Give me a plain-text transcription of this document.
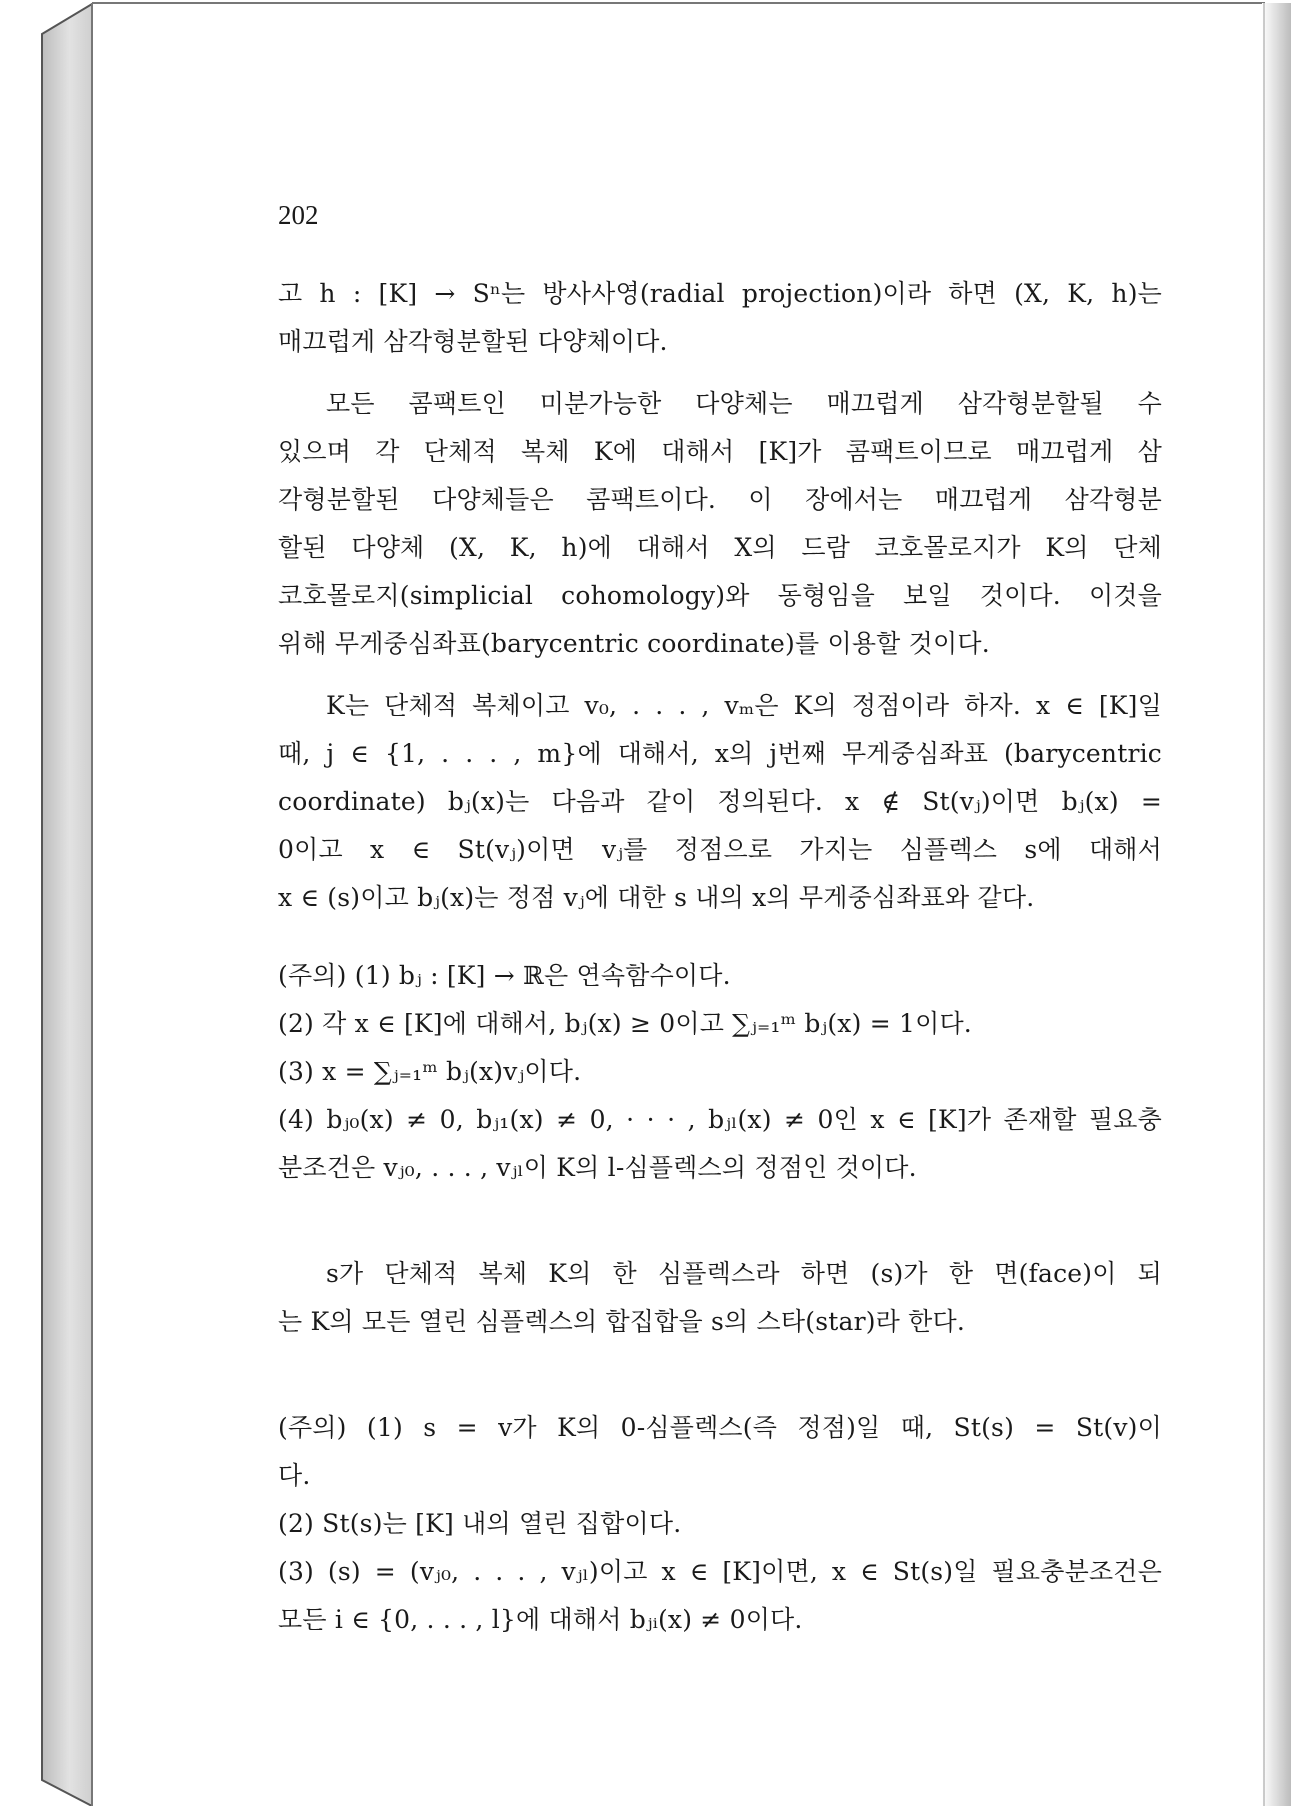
202
고 h : [K] → Sⁿ는 방사사영(radial projection)이라 하면 (X, K, h)는
매끄럽게 삼각형분할된 다양체이다.
모든 콤팩트인 미분가능한 다양체는 매끄럽게 삼각형분할될 수
있으며 각 단체적 복체 K에 대해서 [K]가 콤팩트이므로 매끄럽게 삼
각형분할된 다양체들은 콤팩트이다. 이 장에서는 매끄럽게 삼각형분
할된 다양체 (X, K, h)에 대해서 X의 드람 코호몰로지가 K의 단체
코호몰로지(simplicial cohomology)와 동형임을 보일 것이다. 이것을
위해 무게중심좌표(barycentric coordinate)를 이용할 것이다.
K는 단체적 복체이고 v₀, . . . , vₘ은 K의 정점이라 하자. x ∈ [K]일
때, j ∈ {1, . . . , m}에 대해서, x의 j번째 무게중심좌표 (barycentric
coordinate) bⱼ(x)는 다음과 같이 정의된다. x ∉ St(vⱼ)이면 bⱼ(x) =
0이고 x ∈ St(vⱼ)이면 vⱼ를 정점으로 가지는 심플렉스 s에 대해서
x ∈ (s)이고 bⱼ(x)는 정점 vⱼ에 대한 s 내의 x의 무게중심좌표와 같다.
(주의) (1) bⱼ : [K] → ℝ은 연속함수이다.
(2) 각 x ∈ [K]에 대해서, bⱼ(x) ≥ 0이고 ∑ⱼ₌₁ᵐ bⱼ(x) = 1이다.
(3) x = ∑ⱼ₌₁ᵐ bⱼ(x)vⱼ이다.
(4) bⱼ₀(x) ≠ 0, bⱼ₁(x) ≠ 0, · · · , bⱼₗ(x) ≠ 0인 x ∈ [K]가 존재할 필요충
분조건은 vⱼ₀, . . . , vⱼₗ이 K의 l-심플렉스의 정점인 것이다.
s가 단체적 복체 K의 한 심플렉스라 하면 (s)가 한 면(face)이 되
는 K의 모든 열린 심플렉스의 합집합을 s의 스타(star)라 한다.
(주의) (1) s = v가 K의 0-심플렉스(즉 정점)일 때, St(s) = St(v)이
다.
(2) St(s)는 [K] 내의 열린 집합이다.
(3) (s) = (vⱼ₀, . . . , vⱼₗ)이고 x ∈ [K]이면, x ∈ St(s)일 필요충분조건은
모든 i ∈ {0, . . . , l}에 대해서 bⱼᵢ(x) ≠ 0이다.
